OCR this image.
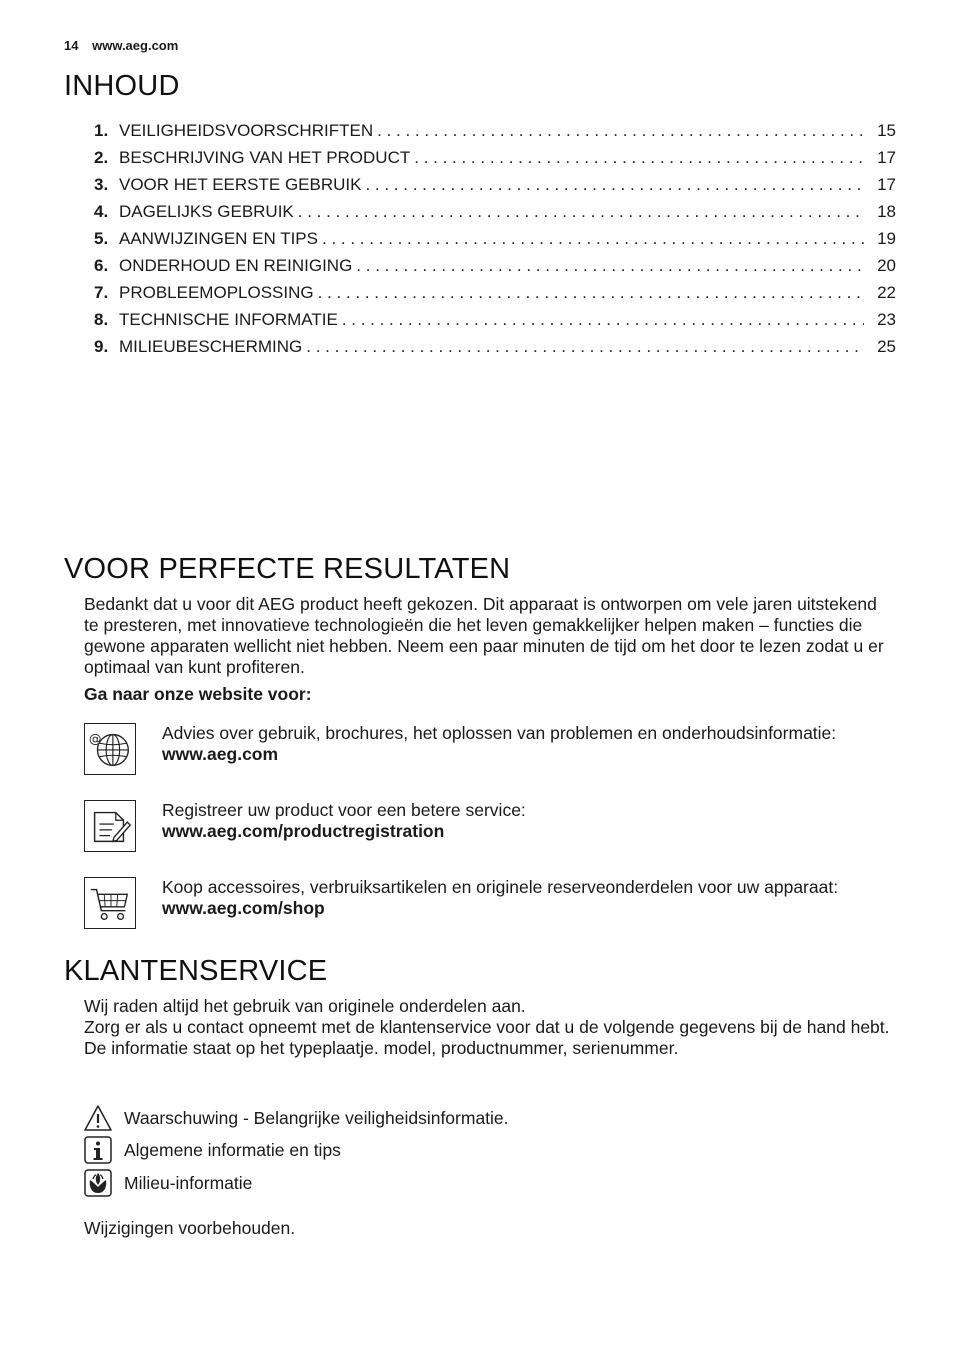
14 www.aeg.com
INHOUD
1. VEILIGHEIDSVOORSCHRIFTEN . . .	15
2. BESCHRIJVING VAN HET PRODUCT . . .	17
3. VOOR HET EERSTE GEBRUIK . . .	17
4. DAGELIJKS GEBRUIK . . .	18
5. AANWIJZINGEN EN TIPS . . .	19
6. ONDERHOUD EN REINIGING . . .	20
7. PROBLEEMOPLOSSING . . .	22
8. TECHNISCHE INFORMATIE . . .	23
9. MILIEUBESCHERMING . . .	25
VOOR PERFECTE RESULTATEN

Bedankt dat u voor dit AEG product heeft gekozen. Dit apparaat is ontworpen om vele jaren uitstekend te presteren, met innovatieve technologieën die het leven gemakkelijker helpen maken – functies die gewone apparaten wellicht niet hebben. Neem een paar minuten de tijd om het door te lezen zodat u er optimaal van kunt profiteren.

Ga naar onze website voor:

@	Advies over gebruik, brochures, het oplossen van problemen en onderhoudsinformatie:
www.aeg.com
Registreer uw product voor een betere service:
www.aeg.com/productregistration
Koop accessoires, verbruiksartikelen en originele reserveonderdelen voor uw apparaat:
www.aeg.com/shop
KLANTENSERVICE

Wij raden altijd het gebruik van originele onderdelen aan.

Zorg er als u contact opneemt met de klantenservice voor dat u de volgende gegevens bij de hand hebt.

De informatie staat op het typeplaatje. model, productnummer, serienummer.

Waarschuwing - Belangrijke veiligheidsinformatie.
Algemene informatie en tips
Milieu-informatie
Wijzigingen voorbehouden.
